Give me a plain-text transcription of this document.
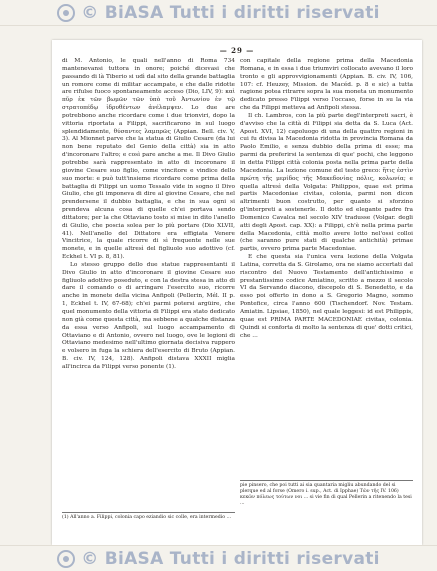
© BiASA Tutti i diritti riservati
— 29 —

di M. Antonio, le quali nell'anno di Roma 734 mantenevansi tuttora in onore; poiché dicevasi che passando di là Tiberio si udì dal sito della grande battaglia un romore come di militar accampate, e che dalle ridotte are rifulse fuoco spontaneamente acceso (Dio, LIV, 9): καὶ πῦρ ἐκ τῶν βωμῶν τῶν ὑπὸ τοῦ Ἀντωνίου ἐν τῷ στρατοπέδῳ ἱδρυθέντων ἀνέλαμψεν. Lo due are potrebbono anche ricordare come i due trionviri, dopo la vittoria riportata a Filippi, sacrificarono in sul luogo splendidamente, θύσαντες λαμπρῶς (Appian. Bell. civ. V, 3). Al Mionnet parve che la statua di Giulio Cesare (da lui non bene reputato del Genio della città) sia in atto d'incoronare l'altro; e così pare anche a me. Il Divo Giulio potrebbe sarà rappresentato in atto di incoronare il giovine Cesare suo figlio, come vincitore e vindice dello suo morte: e può tutt'insieme ricordare come prima della battaglia di Filippi un uomo Tessalo vide in sogno il Divo Giulio, che gli imponeva di dire al giovine Cesare, che nel prendersene il dubbio battaglia, e che in sua ogni si prendeva alcuna cosa di quelle ch'ei portava sendo dittatore; per la che Ottaviano tosto si mise in dito l'anello di Giulio, che poscia solea per lo più portare (Dio XLVII, 41). Nell'anello del Dittatore era effigiata Venere Vincitrice, la quale ricorre di sì frequente nelle sue monete, e in quelle altresì del figliuolo suo adottivo (cf. Eckhel t. VI p. 8, 81).

Lo stesso gruppo dello due statue rappresentanti il Divo Giulio in atto d'incoronare il giovine Cesare suo figliuolo adottivo poseduto, e con la destra stesa in atto di dare il comando o di arringare l'esercito suo, ricorre anche in monete della vicina Anfipoli (Pellerin, Mél. II p. 1, Eckhel t. IV, 67-68); ch'ei parmi potersi argüire, che quel monumento della vittoria di Filippi era stato dedicato non già come questa città, ma sebbene a qualche distanza da essa verso Anfipoli, sul luogo accampamento di Ottaviano e di Antonio, ovvero nel luogo, ove le legioni di Ottaviano medesimo nell'ultimo giornata decisiva ruppero e volsero in fuga la schiera dell'esercito di Bruto (Appian. B. civ. IV, 124, 128). Anfipoli distava XXXII miglia all'incirca da Filippi verso ponente (1).

(1) All'anno a. Filippi, colonia capo eziandio sic colle, era intermedio ...

con capitale della regione prima della Macedonia Romana, e in essa i due triumviri collocato avevano il loro tronto e gli approvvigionamenti (Appian. B. civ. IV, 106, 107: cf. Heuzey, Mission. de Macéd. p. 8 e sic) a tutta ragione potea ritrarre sopra la sua moneta un monumento dedicato presso Filippi verso l'occaso, forse in su la via che da Filippi metteva ad Anfipoli stessa.

Il ch. Lambros, con la più parte degl'interpreti sacri, è d'avviso che la città di Filippi sia detta da S. Luca (Act. Apost. XVI, 12) capoluogo di una della quattro regioni in cui fu divisa la Macedonia ridotta in provincia Romana da Paolo Emilio, e senza dubbio della prima di esse; ma parmi da preferirsi la sentenza di que' pochi, che leggono in detta Filippi città colonia posta nella prima parte della Macedonia. La lezione comune del testo greco: ἥτις ἐστὶν πρώτη τῆς μερίδος τῆς Μακεδονίας πόλις, κολωνία; e quella altresì della Volgata: Philippos, quae est prima partis Macedoniae civitas, colonia, parmi non dicon altrimenti buon costrutto, per quanto si sforzino gl'interpreti a sostenerle. Il dotto ed elegante padre fra Domenico Cavalca nel secolo XIV tradusse (Volgar. degli atti degli Apost. cap. XX): a Filippi, ch'è nella prima parte della Macedonia, città molto avere lotto nel'ossi colloi (che saranno pure stati di qualche antichità) primae partis, ovvero prima parte Macedoniae.

E che questa sia l'unica vera lezione della Volgata Latina, corretta da S. Girolamo, ora ne siamo accertati dal riscontro del Nuovo Testamento dell'antichissimo e prestantissimo codice Amiatino, scritto a mezzo il secolo VI da Servando diacono, discepolo di S. Benedetto, e da esso poi offerto in dono a S. Gregorio Magno, sommo Pontefice, circa l'anno 600 (Tischendorf. Nov. Testam. Amiatin. Lipsiae, 1850), nel quale leggesi: id est Philippis, quae est PRIMA PARTE MACEDONIAE civitas, colonia. Quindi si conforta di molto la sentenza di que' dotti critici, che ...

pie pinsero, che poi tutti ai sia quantaria migliu abundando del si plerque ed al forse (Omero i. sup., Act. di Ipphae) Τῶν τῆς IV. 106) κεκῶν πόλεως τούτων νοι ... si vie fin di qual Pellerin a ritenendo la tesi ...
© BiASA Tutti i diritti riservati
